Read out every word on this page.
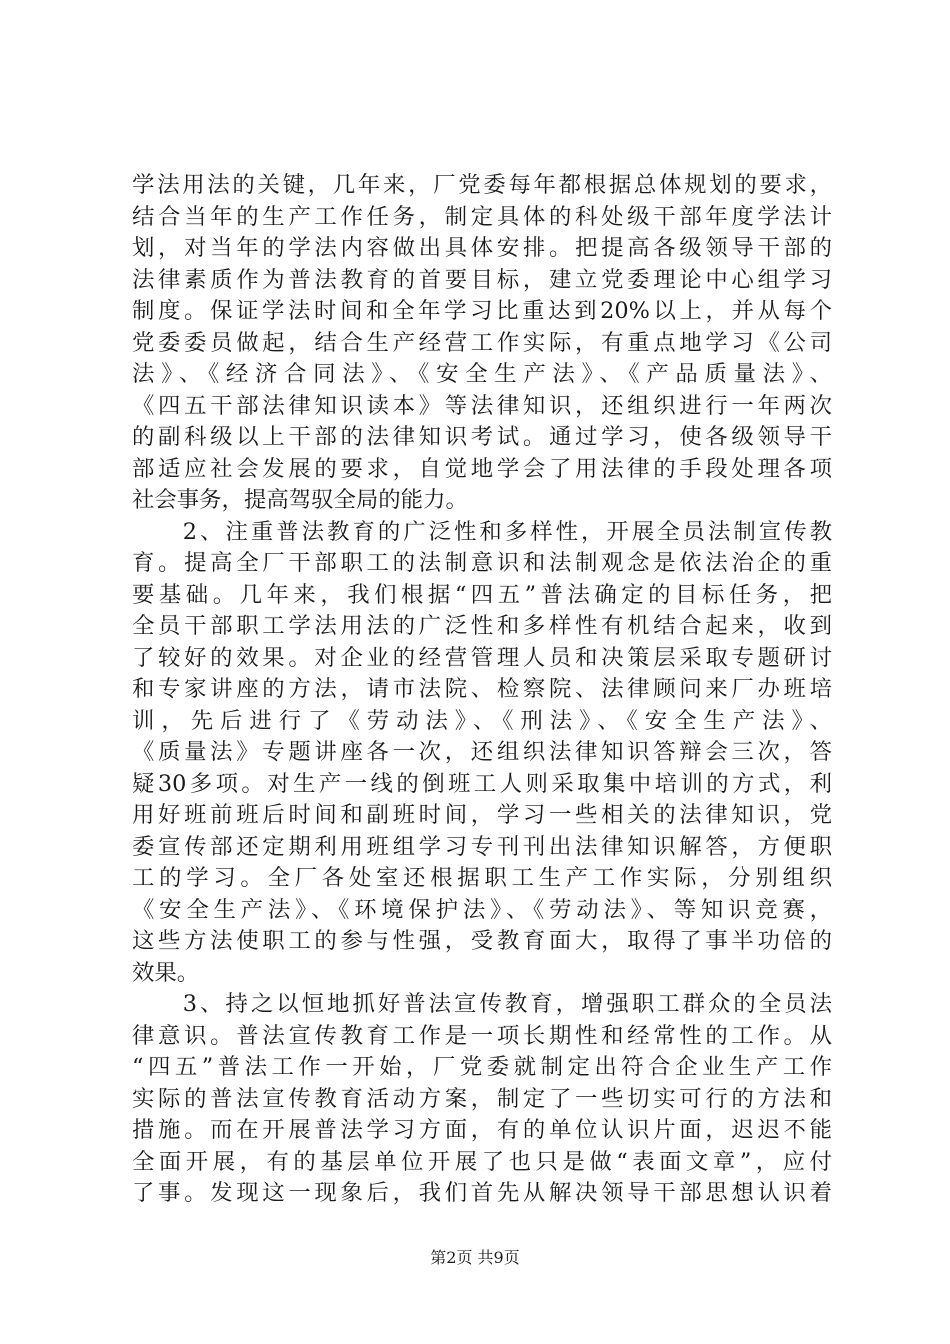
学法用法的关键，几年来，厂党委每年都根据总体规划的要求，
结合当年的生产工作任务，制定具体的科处级干部年度学法计
划，对当年的学法内容做出具体安排。把提高各级领导干部的
法律素质作为普法教育的首要目标，建立党委理论中心组学习
制度。保证学法时间和全年学习比重达到20%以上，并从每个
党委委员做起，结合生产经营工作实际，有重点地学习《公司
法》、《经济合同法》、《安全生产法》、《产品质量法》、
《四五干部法律知识读本》等法律知识，还组织进行一年两次
的副科级以上干部的法律知识考试。通过学习，使各级领导干
部适应社会发展的要求，自觉地学会了用法律的手段处理各项
社会事务，提高驾驭全局的能力。
　　2、注重普法教育的广泛性和多样性，开展全员法制宣传教
育。提高全厂干部职工的法制意识和法制观念是依法治企的重
要基础。几年来，我们根据“四五”普法确定的目标任务，把
全员干部职工学法用法的广泛性和多样性有机结合起来，收到
了较好的效果。对企业的经营管理人员和决策层采取专题研讨
和专家讲座的方法，请市法院、检察院、法律顾问来厂办班培
训，先后进行了《劳动法》、《刑法》、《安全生产法》、
《质量法》专题讲座各一次，还组织法律知识答辩会三次，答
疑30多项。对生产一线的倒班工人则采取集中培训的方式，利
用好班前班后时间和副班时间，学习一些相关的法律知识，党
委宣传部还定期利用班组学习专刊刊出法律知识解答，方便职
工的学习。全厂各处室还根据职工生产工作实际，分别组织
《安全生产法》、《环境保护法》、《劳动法》、等知识竞赛，
这些方法使职工的参与性强，受教育面大，取得了事半功倍的
效果。
　　3、持之以恒地抓好普法宣传教育，增强职工群众的全员法
律意识。普法宣传教育工作是一项长期性和经常性的工作。从
“四五”普法工作一开始，厂党委就制定出符合企业生产工作
实际的普法宣传教育活动方案，制定了一些切实可行的方法和
措施。而在开展普法学习方面，有的单位认识片面，迟迟不能
全面开展，有的基层单位开展了也只是做“表面文章”，应付
了事。发现这一现象后，我们首先从解决领导干部思想认识着
第2页 共9页
